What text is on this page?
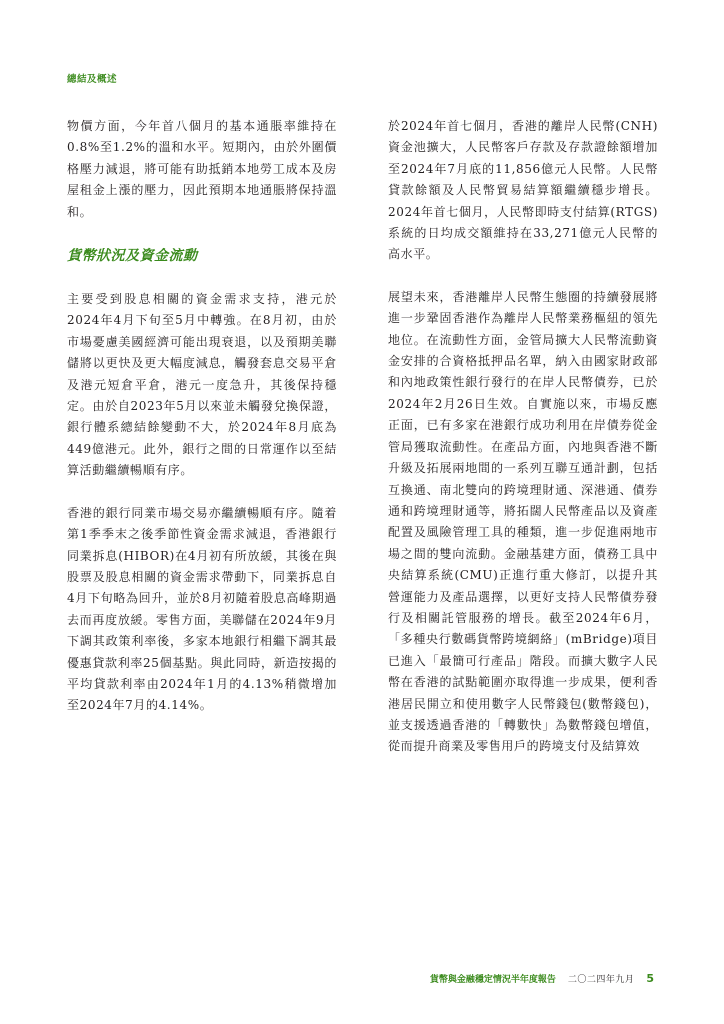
總結及概述

物價方面，今年首八個月的基本通脹率維持在0.8%至1.2%的溫和水平。短期內，由於外圍價格壓力減退，將可能有助抵銷本地勞工成本及房屋租金上漲的壓力，因此預期本地通脹將保持溫和。

貨幣狀況及資金流動

主要受到股息相關的資金需求支持，港元於2024年4月下旬至5月中轉強。在8月初，由於市場憂慮美國經濟可能出現衰退，以及預期美聯儲將以更快及更大幅度減息，觸發套息交易平倉及港元短倉平倉，港元一度急升，其後保持穩定。由於自2023年5月以來並未觸發兌換保證，銀行體系總結餘變動不大，於2024年8月底為449億港元。此外，銀行之間的日常運作以至結算活動繼續暢順有序。

香港的銀行同業市場交易亦繼續暢順有序。隨着第1季季末之後季節性資金需求減退，香港銀行同業拆息(HIBOR)在4月初有所放緩，其後在與股票及股息相關的資金需求帶動下，同業拆息自4月下旬略為回升，並於8月初隨着股息高峰期過去而再度放緩。零售方面，美聯儲在2024年9月下調其政策利率後，多家本地銀行相繼下調其最優惠貸款利率25個基點。與此同時，新造按揭的平均貸款利率由2024年1月的4.13%稍微增加至2024年7月的4.14%。

於2024年首七個月，香港的離岸人民幣(CNH)資金池擴大，人民幣客戶存款及存款證餘額增加至2024年7月底的11,856億元人民幣。人民幣貸款餘額及人民幣貿易結算額繼續穩步增長。2024年首七個月，人民幣即時支付結算(RTGS)系統的日均成交額維持在33,271億元人民幣的高水平。

展望未來，香港離岸人民幣生態圈的持續發展將進一步鞏固香港作為離岸人民幣業務樞紐的領先地位。在流動性方面，金管局擴大人民幣流動資金安排的合資格抵押品名單，納入由國家財政部和內地政策性銀行發行的在岸人民幣債券，已於2024年2月26日生效。自實施以來，市場反應正面，已有多家在港銀行成功利用在岸債券從金管局獲取流動性。在產品方面，內地與香港不斷升級及拓展兩地間的一系列互聯互通計劃，包括互換通、南北雙向的跨境理財通、深港通、債券通和跨境理財通等，將拓闊人民幣產品以及資產配置及風險管理工具的種類，進一步促進兩地市場之間的雙向流動。金融基建方面，債務工具中央結算系統(CMU)正進行重大修訂，以提升其營運能力及產品選擇，以更好支持人民幣債券發行及相關託管服務的增長。截至2024年6月，「多種央行數碼貨幣跨境網絡」(mBridge)項目已進入「最簡可行產品」階段。而擴大數字人民幣在香港的試點範圍亦取得進一步成果，便利香港居民開立和使用數字人民幣錢包(數幣錢包)，並支援透過香港的「轉數快」為數幣錢包增值，從而提升商業及零售用戶的跨境支付及結算效

貨幣與金融穩定情況半年度報告 二〇二四年九月 5
